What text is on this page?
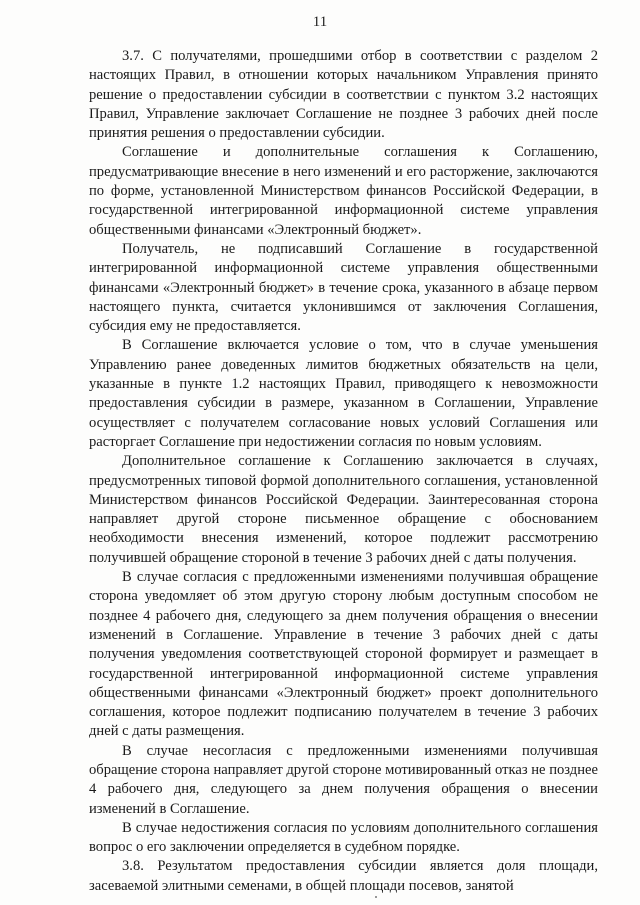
11

3.7. С получателями, прошедшими отбор в соответствии с разделом 2 настоящих Правил, в отношении которых начальником Управления принято решение о предоставлении субсидии в соответствии с пунктом 3.2 настоящих Правил, Управление заключает Соглашение не позднее 3 рабочих дней после принятия решения о предоставлении субсидии.

Соглашение и дополнительные соглашения к Соглашению, предусматривающие внесение в него изменений и его расторжение, заключаются по форме, установленной Министерством финансов Российской Федерации, в государственной интегрированной информационной системе управления общественными финансами «Электронный бюджет».

Получатель, не подписавший Соглашение в государственной интегрированной информационной системе управления общественными финансами «Электронный бюджет» в течение срока, указанного в абзаце первом настоящего пункта, считается уклонившимся от заключения Соглашения, субсидия ему не предоставляется.

В Соглашение включается условие о том, что в случае уменьшения Управлению ранее доведенных лимитов бюджетных обязательств на цели, указанные в пункте 1.2 настоящих Правил, приводящего к невозможности предоставления субсидии в размере, указанном в Соглашении, Управление осуществляет с получателем согласование новых условий Соглашения или расторгает Соглашение при недостижении согласия по новым условиям.

Дополнительное соглашение к Соглашению заключается в случаях, предусмотренных типовой формой дополнительного соглашения, установленной Министерством финансов Российской Федерации. Заинтересованная сторона направляет другой стороне письменное обращение с обоснованием необходимости внесения изменений, которое подлежит рассмотрению получившей обращение стороной в течение 3 рабочих дней с даты получения.

В случае согласия с предложенными изменениями получившая обращение сторона уведомляет об этом другую сторону любым доступным способом не позднее 4 рабочего дня, следующего за днем получения обращения о внесении изменений в Соглашение. Управление в течение 3 рабочих дней с даты получения уведомления соответствующей стороной формирует и размещает в государственной интегрированной информационной системе управления общественными финансами «Электронный бюджет» проект дополнительного соглашения, которое подлежит подписанию получателем в течение 3 рабочих дней с даты размещения.

В случае несогласия с предложенными изменениями получившая обращение сторона направляет другой стороне мотивированный отказ не позднее 4 рабочего дня, следующего за днем получения обращения о внесении изменений в Соглашение.

В случае недостижения согласия по условиям дополнительного соглашения вопрос о его заключении определяется в судебном порядке.

3.8. Результатом предоставления субсидии является доля площади, засеваемой элитными семенами, в общей площади посевов, занятой
